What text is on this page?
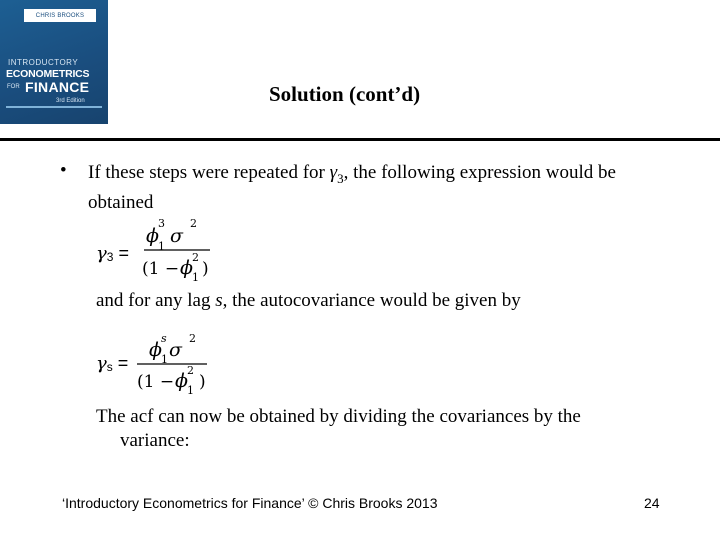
CHRIS BROOKS
INTRODUCTORY
ECONOMETRICS
FOR FINANCE
3rd Edition	Solution (cont’d)
• If these steps were repeated for $\gamma_3$, the following expression would be obtained
$\gamma_3$ =
ϕ 1
3
σ
2
(1 − ϕ 1
2
)
and for any lag s, the autocovariance would be given by
$\gamma_s$ =
ϕ 1
s
σ
2
(1 − ϕ 1
2
)
The acf can now be obtained by dividing the covariances by the
variance:
‘Introductory Econometrics for Finance’ © Chris Brooks 2013	24
